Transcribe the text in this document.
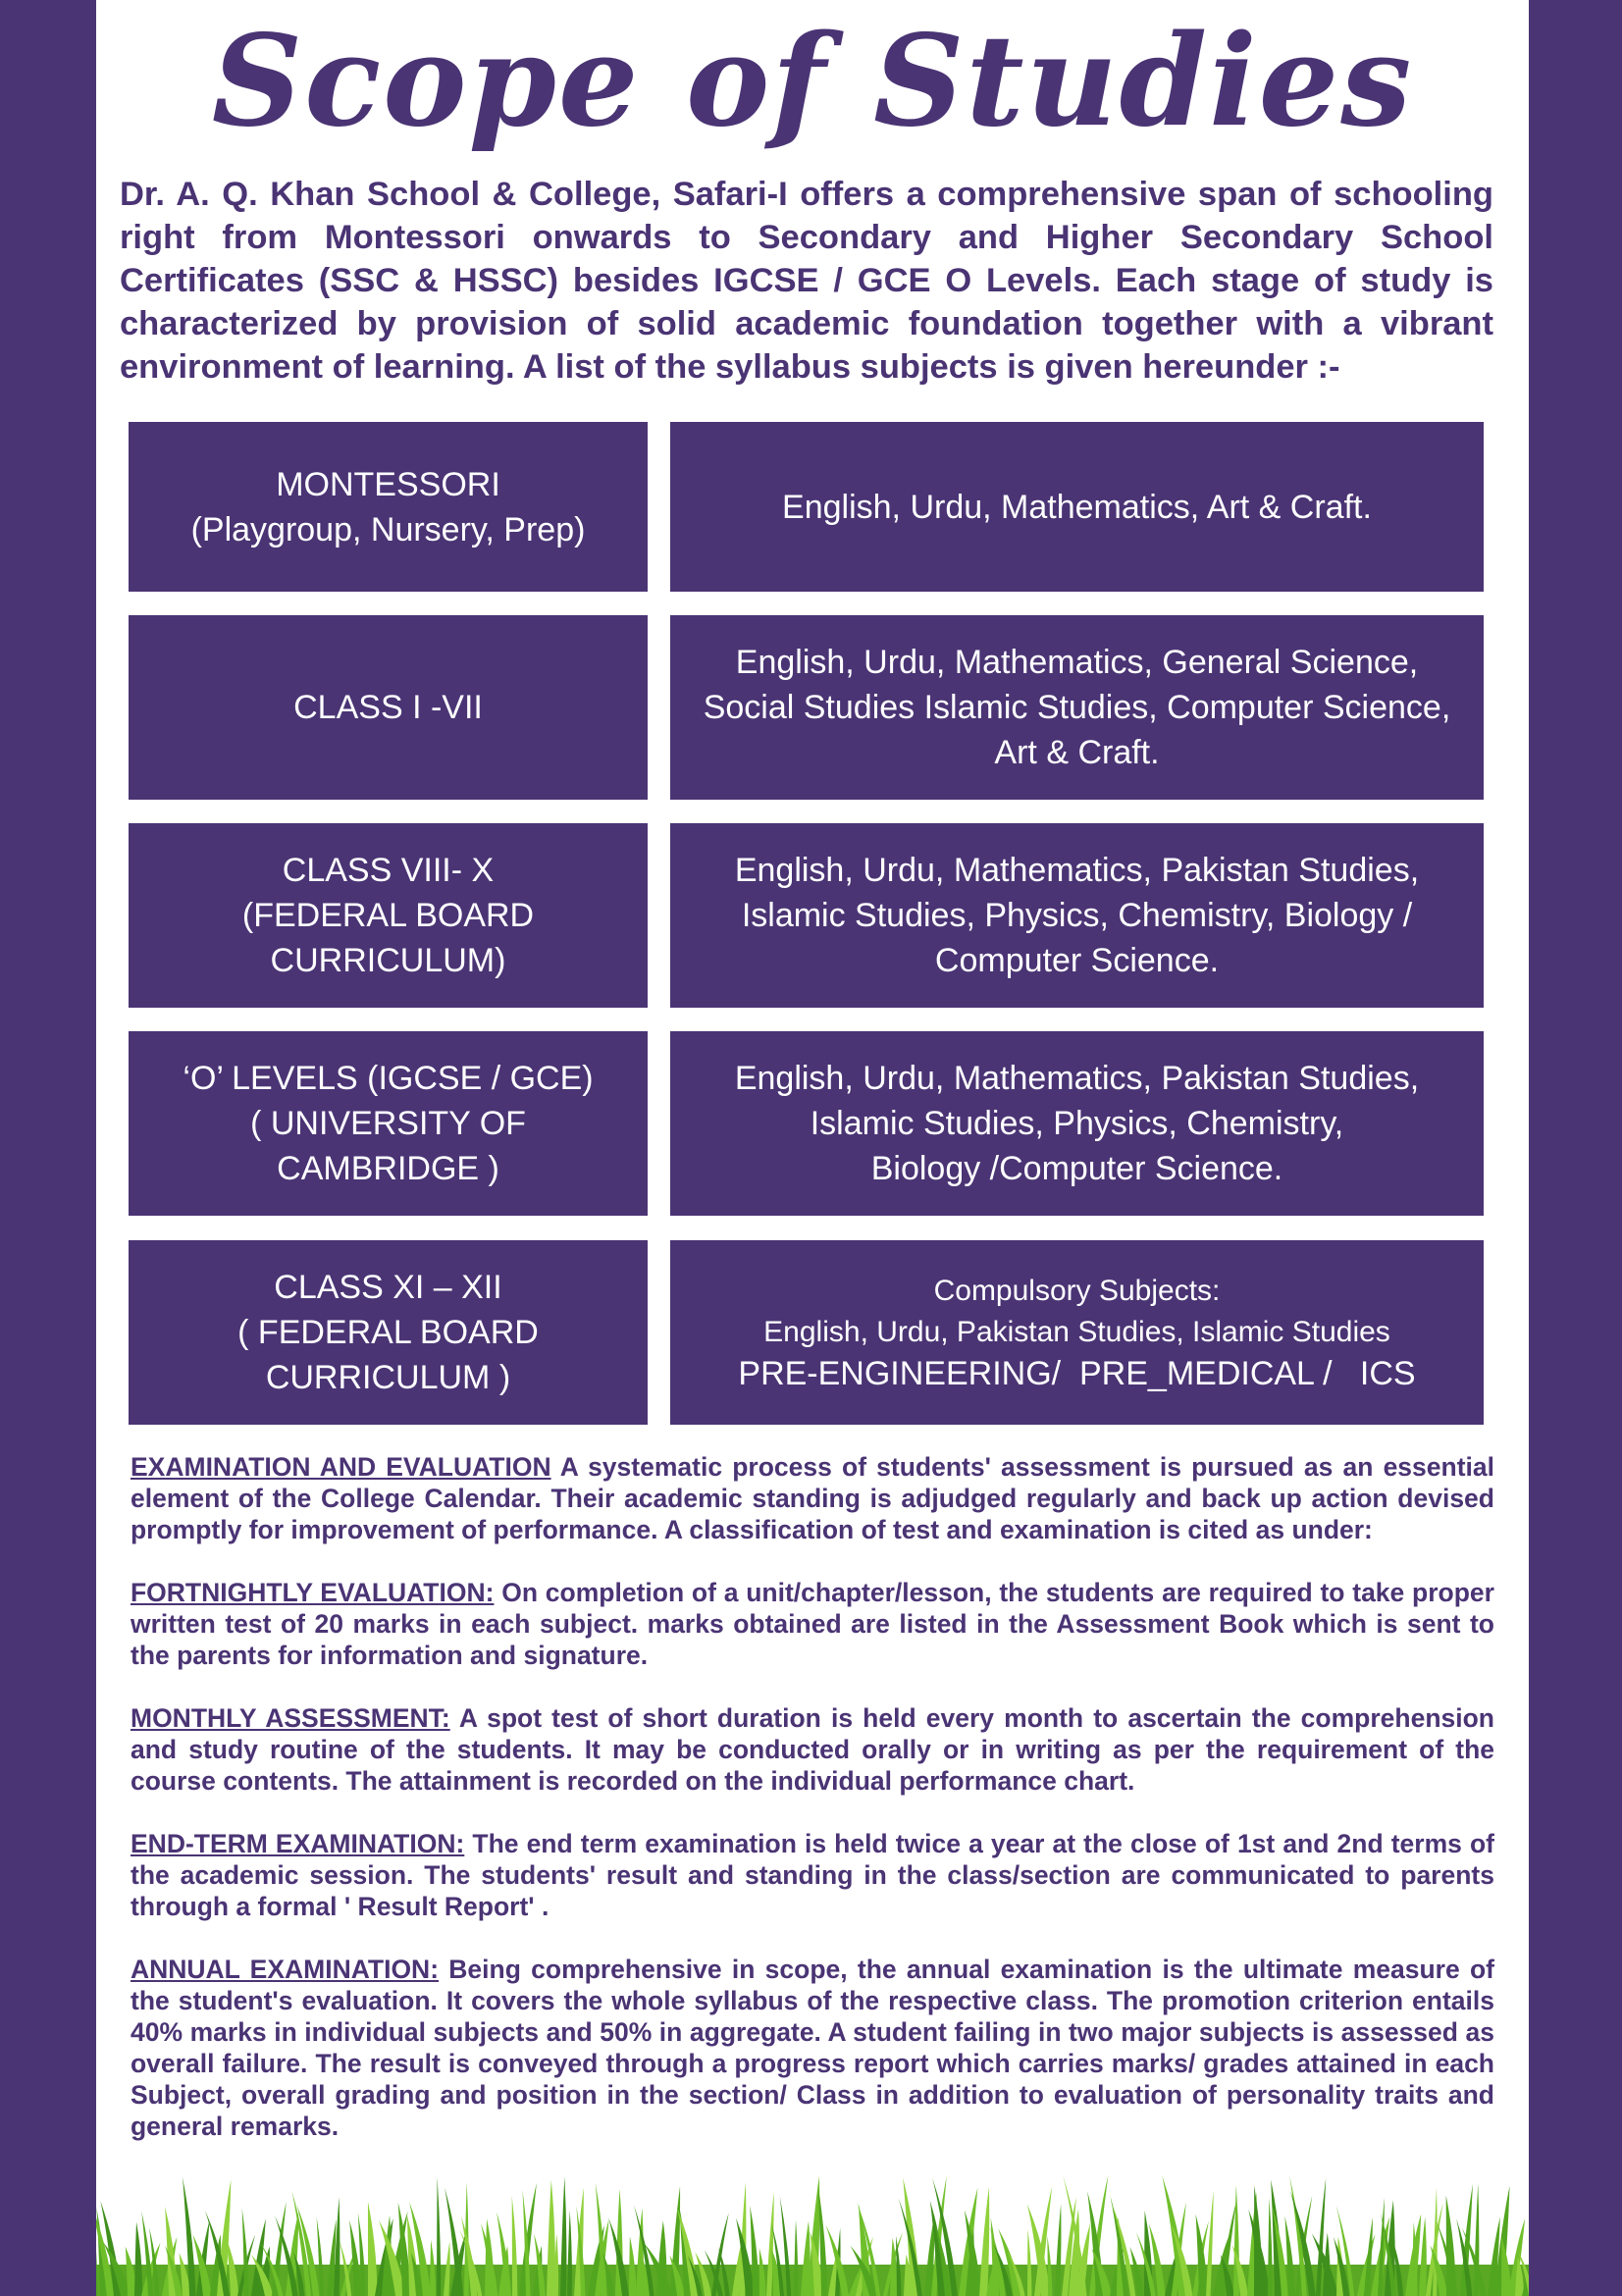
Scope of Studies

Dr. A. Q. Khan School & College, Safari-I offers a comprehensive span of schooling right from Montessori onwards to Secondary and Higher Secondary School Certificates (SSC & HSSC) besides IGCSE / GCE O Levels. Each stage of study is characterized by provision of solid academic foundation together with a vibrant environment of learning. A list of the syllabus subjects is given hereunder :-

MONTESSORI
(Playgroup, Nursery, Prep)
English, Urdu, Mathematics, Art & Craft.
CLASS I -VII
English, Urdu, Mathematics, General Science, Social Studies Islamic Studies, Computer Science, Art & Craft.
CLASS VIII- X
(FEDERAL BOARD
CURRICULUM)
English, Urdu, Mathematics, Pakistan Studies, Islamic Studies, Physics, Chemistry, Biology / Computer Science.
‘O’ LEVELS (IGCSE / GCE)
( UNIVERSITY OF
CAMBRIDGE )
English, Urdu, Mathematics, Pakistan Studies, Islamic Studies, Physics, Chemistry,
Biology /Computer Science.
CLASS XI – XII
( FEDERAL BOARD
CURRICULUM )
Compulsory Subjects:
English, Urdu, Pakistan Studies, Islamic Studies
PRE-ENGINEERING/  PRE_MEDICAL /   ICS

EXAMINATION AND EVALUATION A systematic process of students' assessment is pursued as an essential element of the College Calendar. Their academic standing is adjudged regularly and back up action devised promptly for improvement of performance. A classification of test and examination is cited as under:

FORTNIGHTLY EVALUATION: On completion of a unit/chapter/lesson, the students are required to take proper written test of 20 marks in each subject. marks obtained are listed in the Assessment Book which is sent to the parents for information and signature.

MONTHLY ASSESSMENT: A spot test of short duration is held every month to ascertain the comprehension and study routine of the students. It may be conducted orally or in writing as per the requirement of the course contents. The attainment is recorded on the individual performance chart.

END-TERM EXAMINATION: The end term examination is held twice a year at the close of 1st and 2nd terms of the academic session. The students' result and standing in the class/section are communicated to parents through a formal ' Result Report' .

ANNUAL EXAMINATION: Being comprehensive in scope, the annual examination is the ultimate measure of the student's evaluation. It covers the whole syllabus of the respective class. The promotion criterion entails 40% marks in individual subjects and 50% in aggregate. A student failing in two major subjects is assessed as overall failure. The result is conveyed through a progress report which carries marks/ grades attained in each Subject, overall grading and position in the section/ Class in addition to evaluation of personality traits and general remarks.
